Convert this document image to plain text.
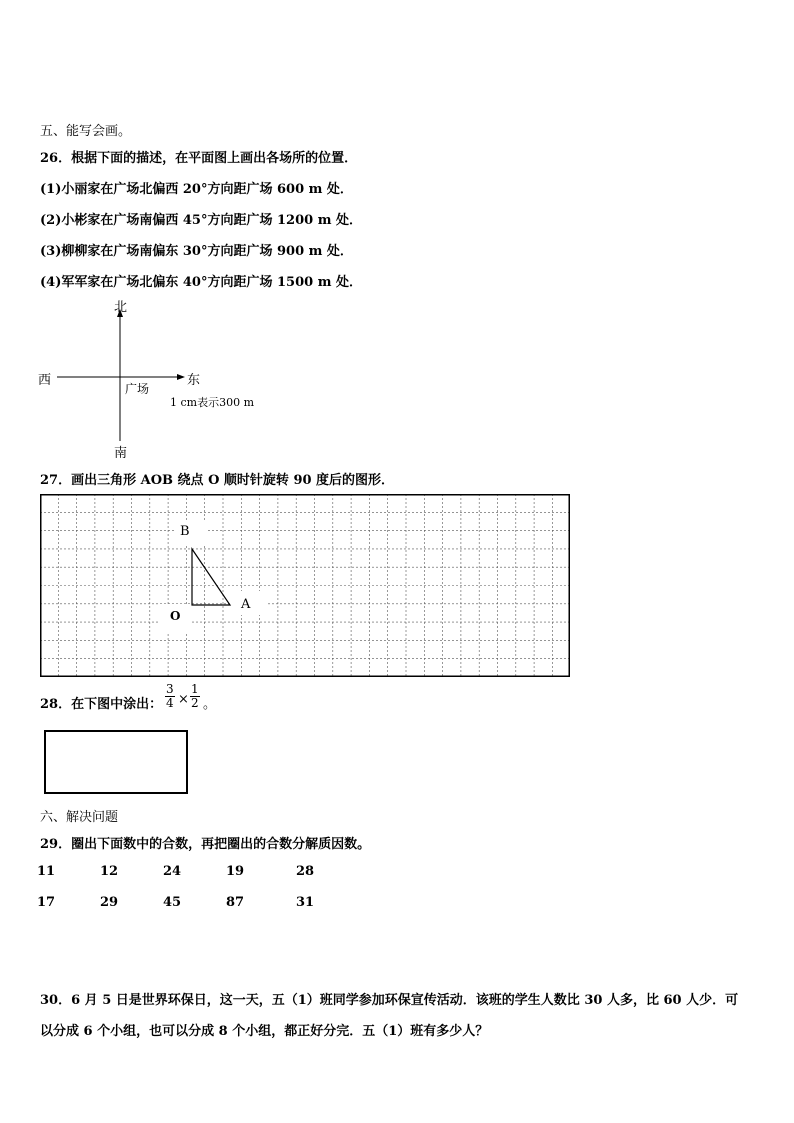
五、能写会画。
26．根据下面的描述，在平面图上画出各场所的位置．
(1)小丽家在广场北偏西 20°方向距广场 600 m 处．
(2)小彬家在广场南偏西 45°方向距广场 1200 m 处．
(3)柳柳家在广场南偏东 30°方向距广场 900 m 处．
(4)军军家在广场北偏东 40°方向距广场 1500 m 处．
北
南
西	东
广场
1 cm表示300 m
27．画出三角形 AOB 绕点 O 顺时针旋转 90 度后的图形．
B
A
O
28．在下图中涂出： $\frac{3}{4} \times \frac{1}{2}$ 。
六、解决问题
29．圈出下面数中的合数，再把圈出的合数分解质因数。
11	12	24	19	28
17	29	45	87	31
30．6 月 5 日是世界环保日，这一天，五（1）班同学参加环保宣传活动．该班的学生人数比 30 人多，比 60 人少．可
以分成 6 个小组，也可以分成 8 个小组，都正好分完．五（1）班有多少人？
